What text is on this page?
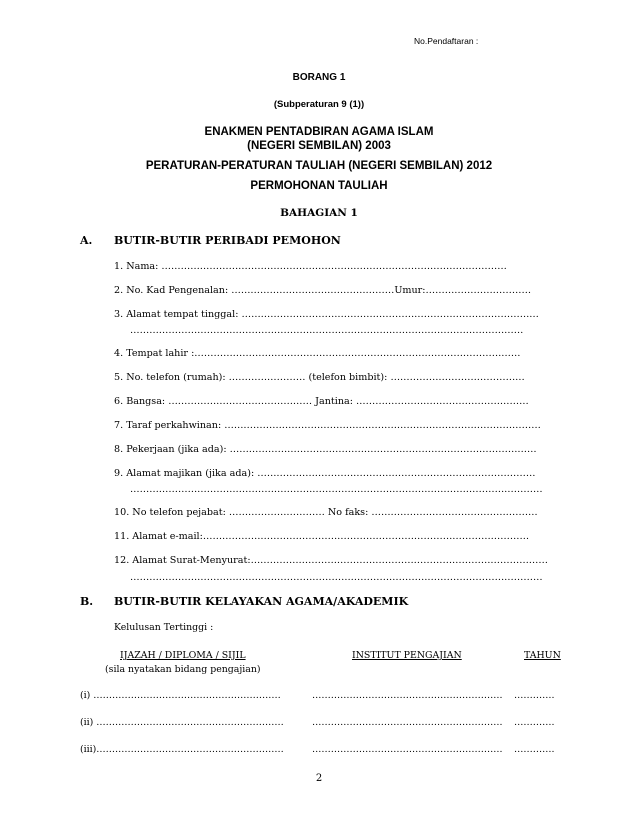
No.Pendaftaran :
BORANG 1
(Subperaturan 9 (1))
ENAKMEN PENTADBIRAN AGAMA ISLAM
(NEGERI SEMBILAN) 2003
PERATURAN-PERATURAN TAULIAH (NEGERI SEMBILAN) 2012
PERMOHONAN TAULIAH
BAHAGIAN 1
A. BUTIR-BUTIR PERIBADI PEMOHON
1. Nama: ………………………………………………………………………………………………
2. No. Kad Pengenalan: ……………………………………………Umur:……………………………
3. Alamat tempat tinggal: …………………………………………………………………………………
……………………………………………………………………………………………………………
4. Tempat lahir :…………………………………………………………………………………………
5. No. telefon (rumah): …………………… (telefon bimbit): ……………………………………
6. Bangsa: ……………………………………… Jantina: ………………………………………………
7. Taraf perkahwinan: ………………………………………………………………………………………
8. Pekerjaan (jika ada): ……………………………………………………………………………………
9. Alamat majikan (jika ada): ……………………………………………………………………………
…………………………………………………………………………………………………………………
10. No telefon pejabat: ………………………… No faks: …………………………………………….
11. Alamat e-mail:…………………………………………………………………………………………
12. Alamat Surat-Menyurat:…………………………………………………………………………………
…………………………………………………………………………………………………………………
B. BUTIR-BUTIR KELAYAKAN AGAMA/AKADEMIK
Kelulusan Tertinggi :
IJAZAH / DIPLOMA / SIJIL
(sila nyatakan bidang pengajian)
INSTITUT PENGAJIAN	TAHUN
(i) ……………………………………………………	……………………………………………………. ………….
(ii) ……………………………………………………	……………………………………………………. ………….
(iii)……………………………………………………	……………………………………………………. ………….
2
